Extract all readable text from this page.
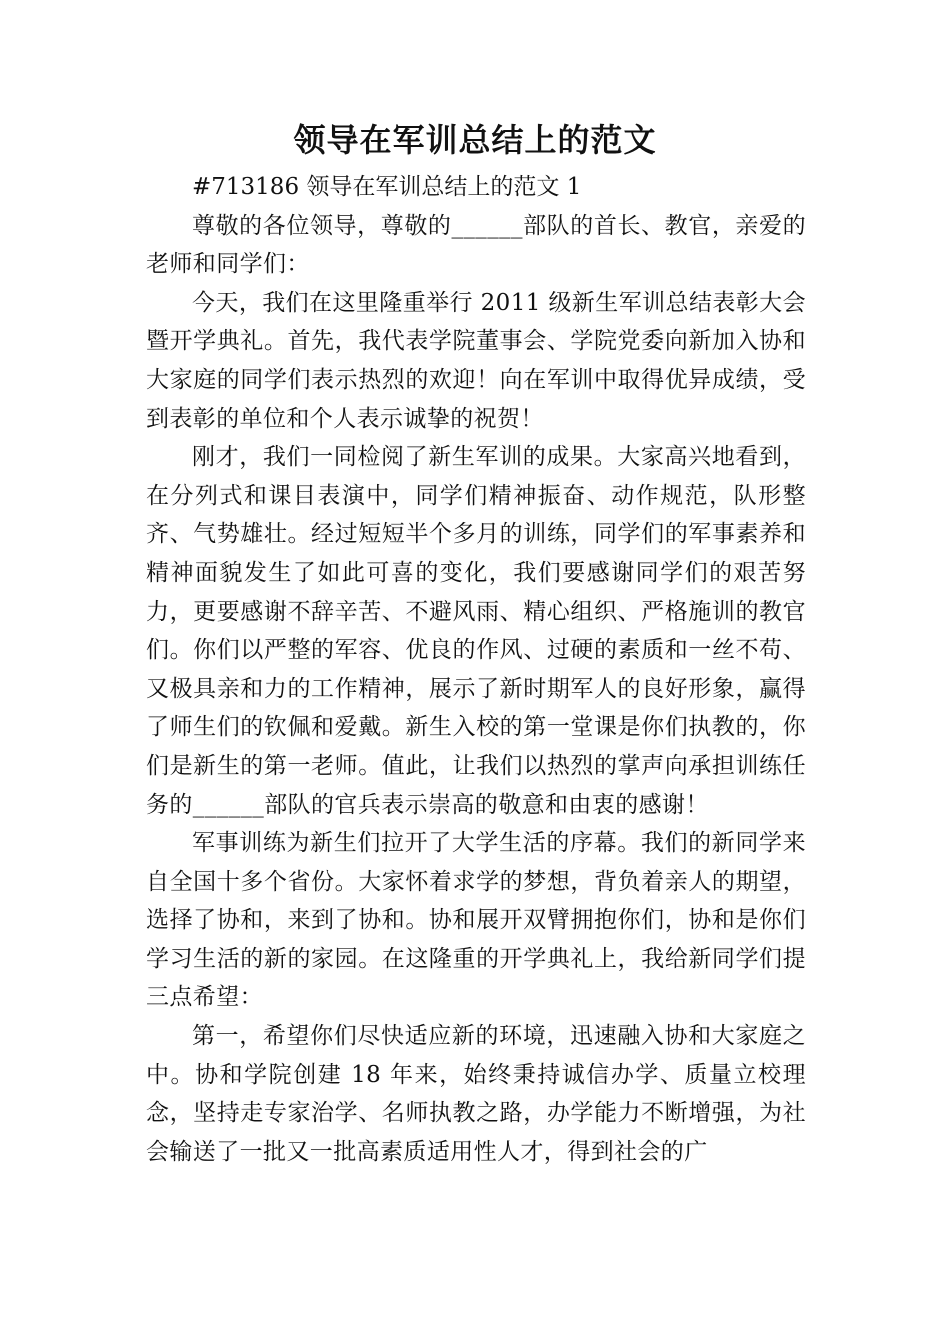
领导在军训总结上的范文

#713186 领导在军训总结上的范文 1

尊敬的各位领导，尊敬的______部队的首长、教官，亲爱的老师和同学们：

今天，我们在这里隆重举行 2011 级新生军训总结表彰大会暨开学典礼。首先，我代表学院董事会、学院党委向新加入协和大家庭的同学们表示热烈的欢迎！向在军训中取得优异成绩，受到表彰的单位和个人表示诚挚的祝贺！

刚才，我们一同检阅了新生军训的成果。大家高兴地看到，在分列式和课目表演中，同学们精神振奋、动作规范，队形整齐、气势雄壮。经过短短半个多月的训练，同学们的军事素养和精神面貌发生了如此可喜的变化，我们要感谢同学们的艰苦努力，更要感谢不辞辛苦、不避风雨、精心组织、严格施训的教官们。你们以严整的军容、优良的作风、过硬的素质和一丝不苟、又极具亲和力的工作精神，展示了新时期军人的良好形象，赢得了师生们的钦佩和爱戴。新生入校的第一堂课是你们执教的，你们是新生的第一老师。值此，让我们以热烈的掌声向承担训练任务的______部队的官兵表示崇高的敬意和由衷的感谢！

军事训练为新生们拉开了大学生活的序幕。我们的新同学来自全国十多个省份。大家怀着求学的梦想，背负着亲人的期望，选择了协和，来到了协和。协和展开双臂拥抱你们，协和是你们学习生活的新的家园。在这隆重的开学典礼上，我给新同学们提三点希望：

第一，希望你们尽快适应新的环境，迅速融入协和大家庭之中。协和学院创建 18 年来，始终秉持诚信办学、质量立校理念，坚持走专家治学、名师执教之路，办学能力不断增强，为社会输送了一批又一批高素质适用性人才，得到社会的广
